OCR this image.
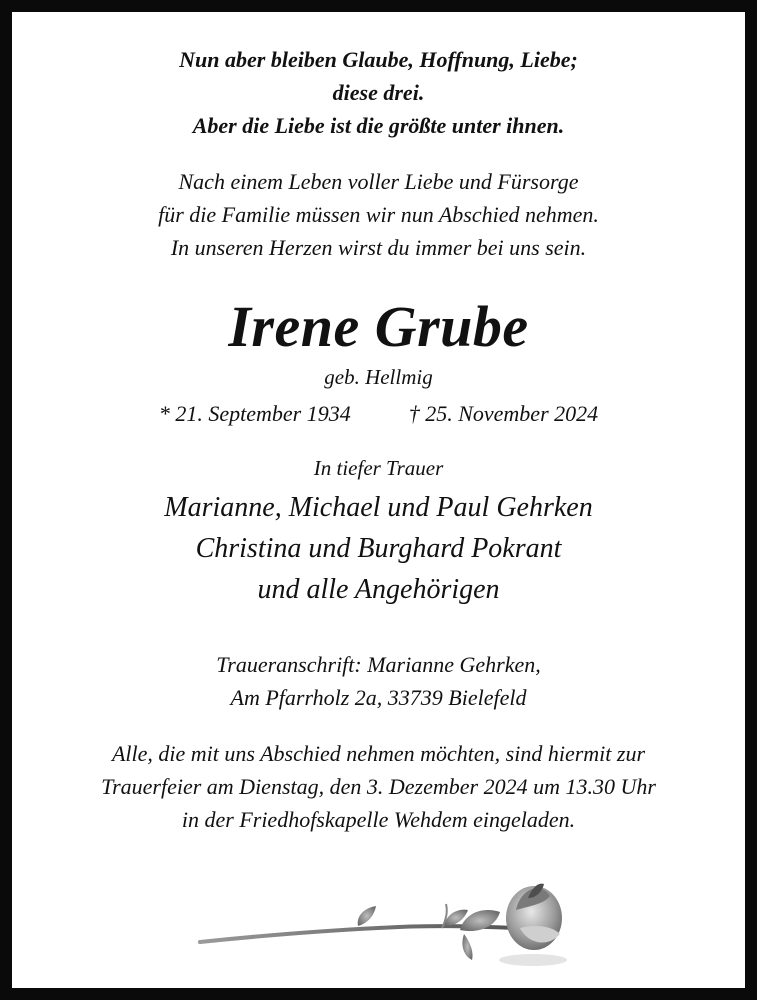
Nun aber bleiben Glaube, Hoffnung, Liebe;
diese drei.
Aber die Liebe ist die größte unter ihnen.
Nach einem Leben voller Liebe und Fürsorge
für die Familie müssen wir nun Abschied nehmen.
In unseren Herzen wirst du immer bei uns sein.
Irene Grube
geb. Hellmig
* 21. September 1934	† 25. November 2024
In tiefer Trauer
Marianne, Michael und Paul Gehrken
Christina und Burghard Pokrant
und alle Angehörigen
Traueranschrift: Marianne Gehrken,
Am Pfarrholz 2a, 33739 Bielefeld
Alle, die mit uns Abschied nehmen möchten, sind hiermit zur
Trauerfeier am Dienstag, den 3. Dezember 2024 um 13.30 Uhr
in der Friedhofskapelle Wehdem eingeladen.
